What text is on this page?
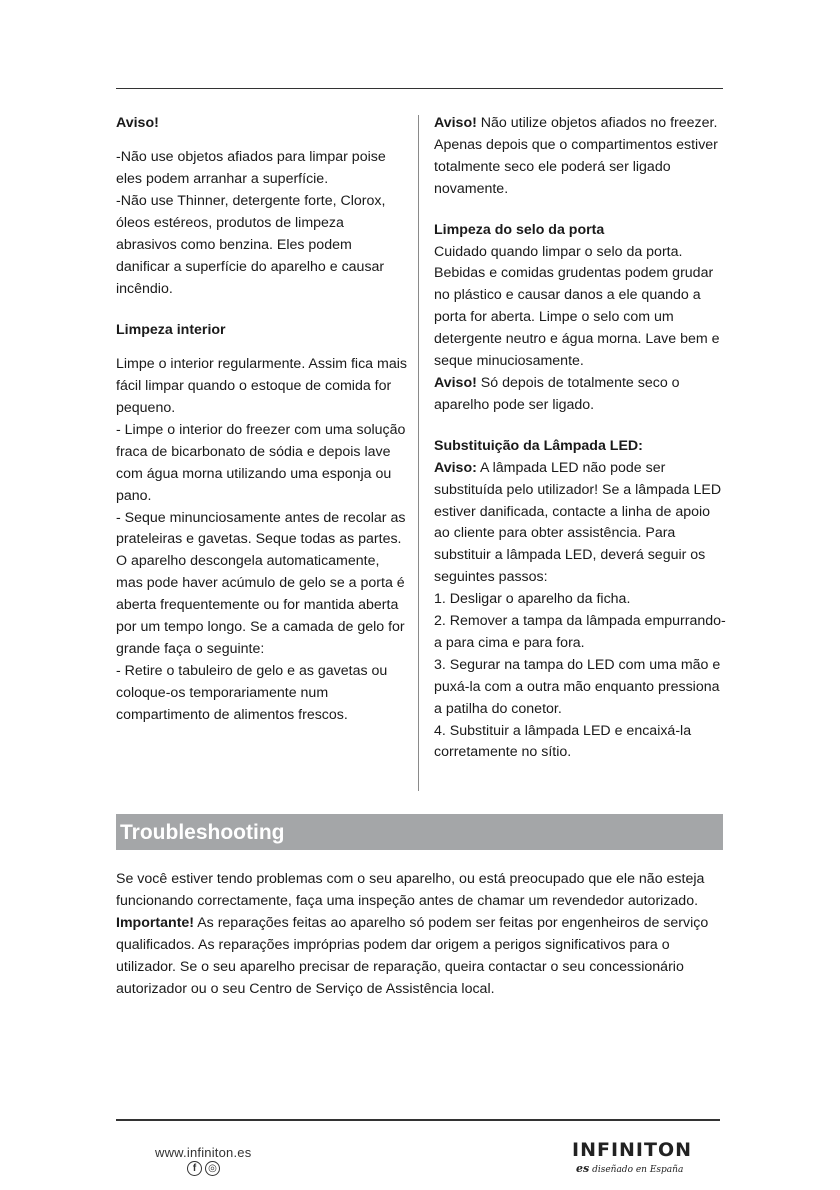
Aviso!

-Não use objetos afiados para limpar poise eles podem arranhar a superfície.

-Não use Thinner, detergente forte, Clorox, óleos estéreos, produtos de limpeza abrasivos como benzina. Eles podem danificar a superfície do aparelho e causar incêndio.

Limpeza interior

Limpe o interior regularmente. Assim fica mais fácil limpar quando o estoque de comida for pequeno.

- Limpe o interior do freezer com uma solução fraca de bicarbonato de sódia e depois lave com água morna utilizando uma esponja ou pano.

- Seque minunciosamente antes de recolar as prateleiras e gavetas. Seque todas as partes.

O aparelho descongela automaticamente, mas pode haver acúmulo de gelo se a porta é aberta frequentemente ou for mantida aberta por um tempo longo. Se a camada de gelo for grande faça o seguinte:

- Retire o tabuleiro de gelo e as gavetas ou coloque-os temporariamente num compartimento de alimentos frescos.

Aviso! Não utilize objetos afiados no freezer. Apenas depois que o compartimentos estiver totalmente seco ele poderá ser ligado novamente.

Limpeza do selo da porta

Cuidado quando limpar o selo da porta. Bebidas e comidas grudentas podem grudar no plástico e causar danos a ele quando a porta for aberta. Limpe o selo com um detergente neutro e água morna. Lave bem e seque minuciosamente.

Aviso! Só depois de totalmente seco o aparelho pode ser ligado.

Substituição da Lâmpada LED:

Aviso: A lâmpada LED não pode ser substituída pelo utilizador! Se a lâmpada LED estiver danificada, contacte a linha de apoio ao cliente para obter assistência. Para substituir a lâmpada LED, deverá seguir os seguintes passos:

1. Desligar o aparelho da ficha.

2. Remover a tampa da lâmpada empurrando-a para cima e para fora.

3. Segurar na tampa do LED com uma mão e puxá-la com a outra mão enquanto pressiona a patilha do conetor.

4. Substituir a lâmpada LED e encaixá-la corretamente no sítio.

Troubleshooting

Se você estiver tendo problemas com o seu aparelho, ou está preocupado que ele não esteja funcionando correctamente, faça uma inspeção antes de chamar um revendedor autorizado.

Importante! As reparações feitas ao aparelho só podem ser feitas por engenheiros de serviço qualificados. As reparações impróprias podem dar origem a perigos significativos para o utilizador. Se o seu aparelho precisar de reparação, queira contactar o seu concessionário autorizador ou o seu Centro de Serviço de Assistência local.

www.infiniton.es
f	◎
INFINITON
es diseñado en España
